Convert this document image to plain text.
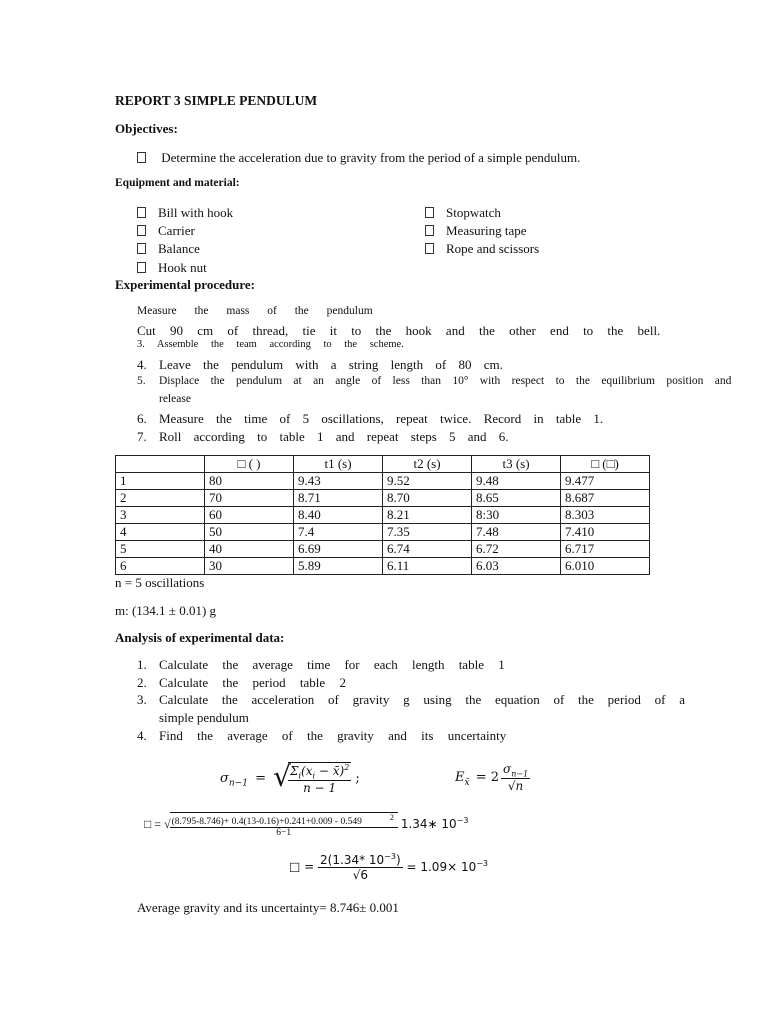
REPORT 3 SIMPLE PENDULUM
Objectives:
Determine the acceleration due to gravity from the period of a simple pendulum.
Equipment and material:
Bill with hook
Carrier
Balance
Hook nut
Stopwatch
Measuring tape
Rope and scissors
Experimental procedure:
Measure the mass of the pendulum
Cut 90 cm of thread, tie it to the hook and the other end to the bell.
3. Assemble the team according to the scheme.
4. Leave the pendulum with a string length of 80 cm.
5. Displace the pendulum at an angle of less than 10° with respect to the equilibrium position and
release
6. Measure the time of 5 oscillations, repeat twice. Record in table 1.
7. Roll according to table 1 and repeat steps 5 and 6.
	□ ( )	t1 (s)	t2 (s)	t3 (s)	□ (□)
1	80	9.43	9.52	9.48	9.477
2	70	8.71	8.70	8.65	8.687
3	60	8.40	8.21	8:30	8.303
4	50	7.4	7.35	7.48	7.410
5	40	6.69	6.74	6.72	6.717
6	30	5.89	6.11	6.03	6.010
n = 5 oscillations
m: (134.1 ± 0.01) g
Analysis of experimental data:
1. Calculate the average time for each length table 1
2. Calculate the period table 2
3. Calculate the acceleration of gravity g using the equation of the period of a
simple pendulum
4. Find the average of the gravity and its uncertainty
$\sigma_{n-1}$ = √
$\frac{\Sigma_i(x_i - x̄)^2}{n - 1}$ ;	$E_{x̄} = 2 \frac{\sigma_{n-1}}{√n}$
□ = √ (8.795-8.746)+ 0.4(13-0.16)+0.241+0.009 - 0.549	$^2$
6−1 1.34∗ $10^{-3}$
□ = $\frac{2(1.34* 10^{-3})}{√6} = 1.09\times 10^{-3}$
Average gravity and its uncertainty= 8.746± 0.001
